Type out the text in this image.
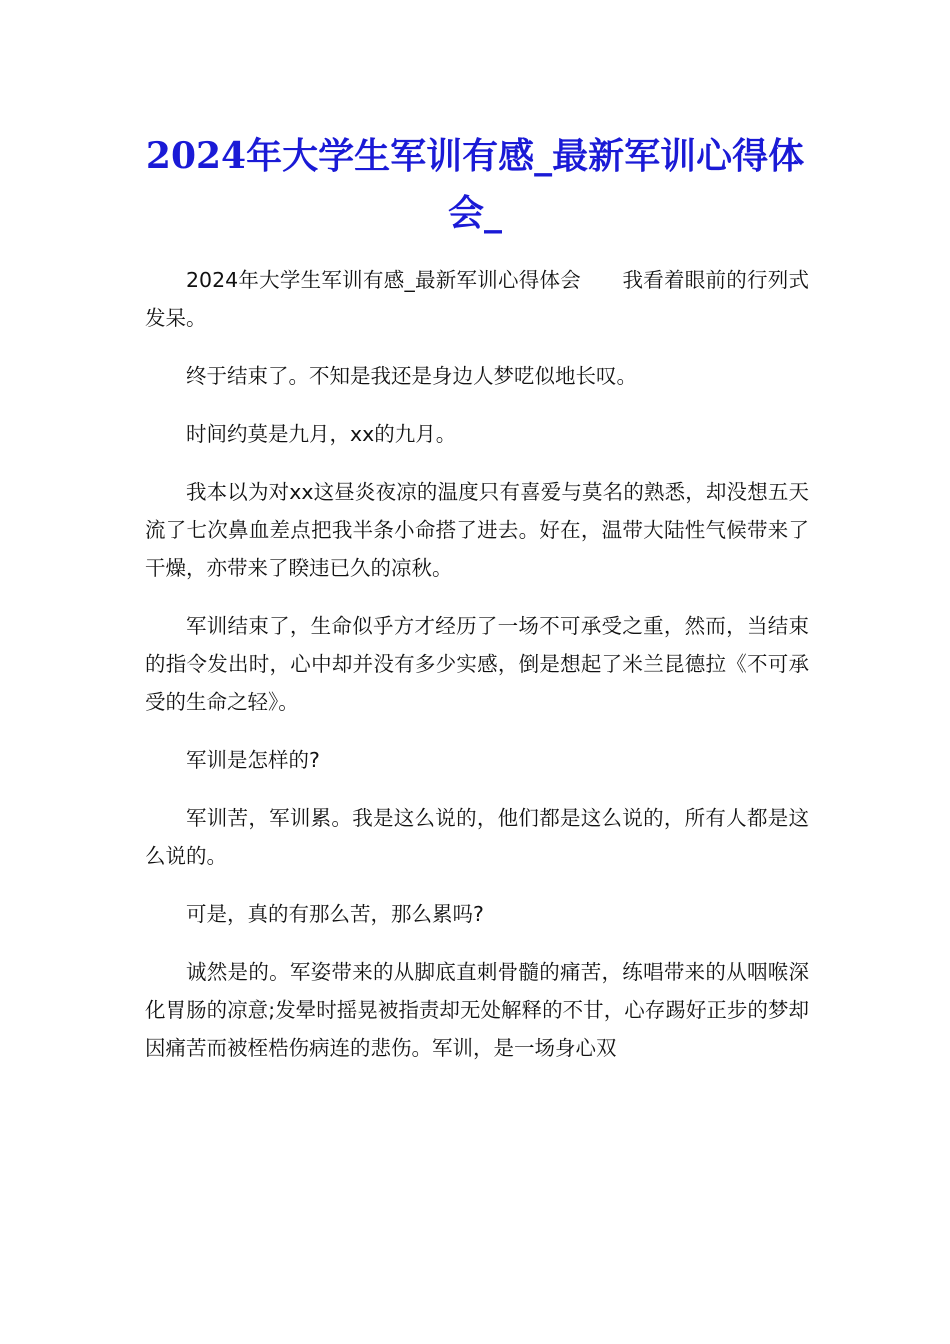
2024年大学生军训有感_最新军训心得体会_

2024年大学生军训有感_最新军训心得体会　　我看着眼前的行列式发呆。

终于结束了。不知是我还是身边人梦呓似地长叹。

时间约莫是九月，xx的九月。

我本以为对xx这昼炎夜凉的温度只有喜爱与莫名的熟悉，却没想五天流了七次鼻血差点把我半条小命搭了进去。好在，温带大陆性气候带来了干燥，亦带来了睽违已久的凉秋。

军训结束了，生命似乎方才经历了一场不可承受之重，然而，当结束的指令发出时，心中却并没有多少实感，倒是想起了米兰昆德拉《不可承受的生命之轻》。

军训是怎样的?

军训苦，军训累。我是这么说的，他们都是这么说的，所有人都是这么说的。

可是，真的有那么苦，那么累吗?

诚然是的。军姿带来的从脚底直刺骨髓的痛苦，练唱带来的从咽喉深化胃肠的凉意;发晕时摇晃被指责却无处解释的不甘，心存踢好正步的梦却因痛苦而被桎梏伤病连的悲伤。军训，是一场身心双
